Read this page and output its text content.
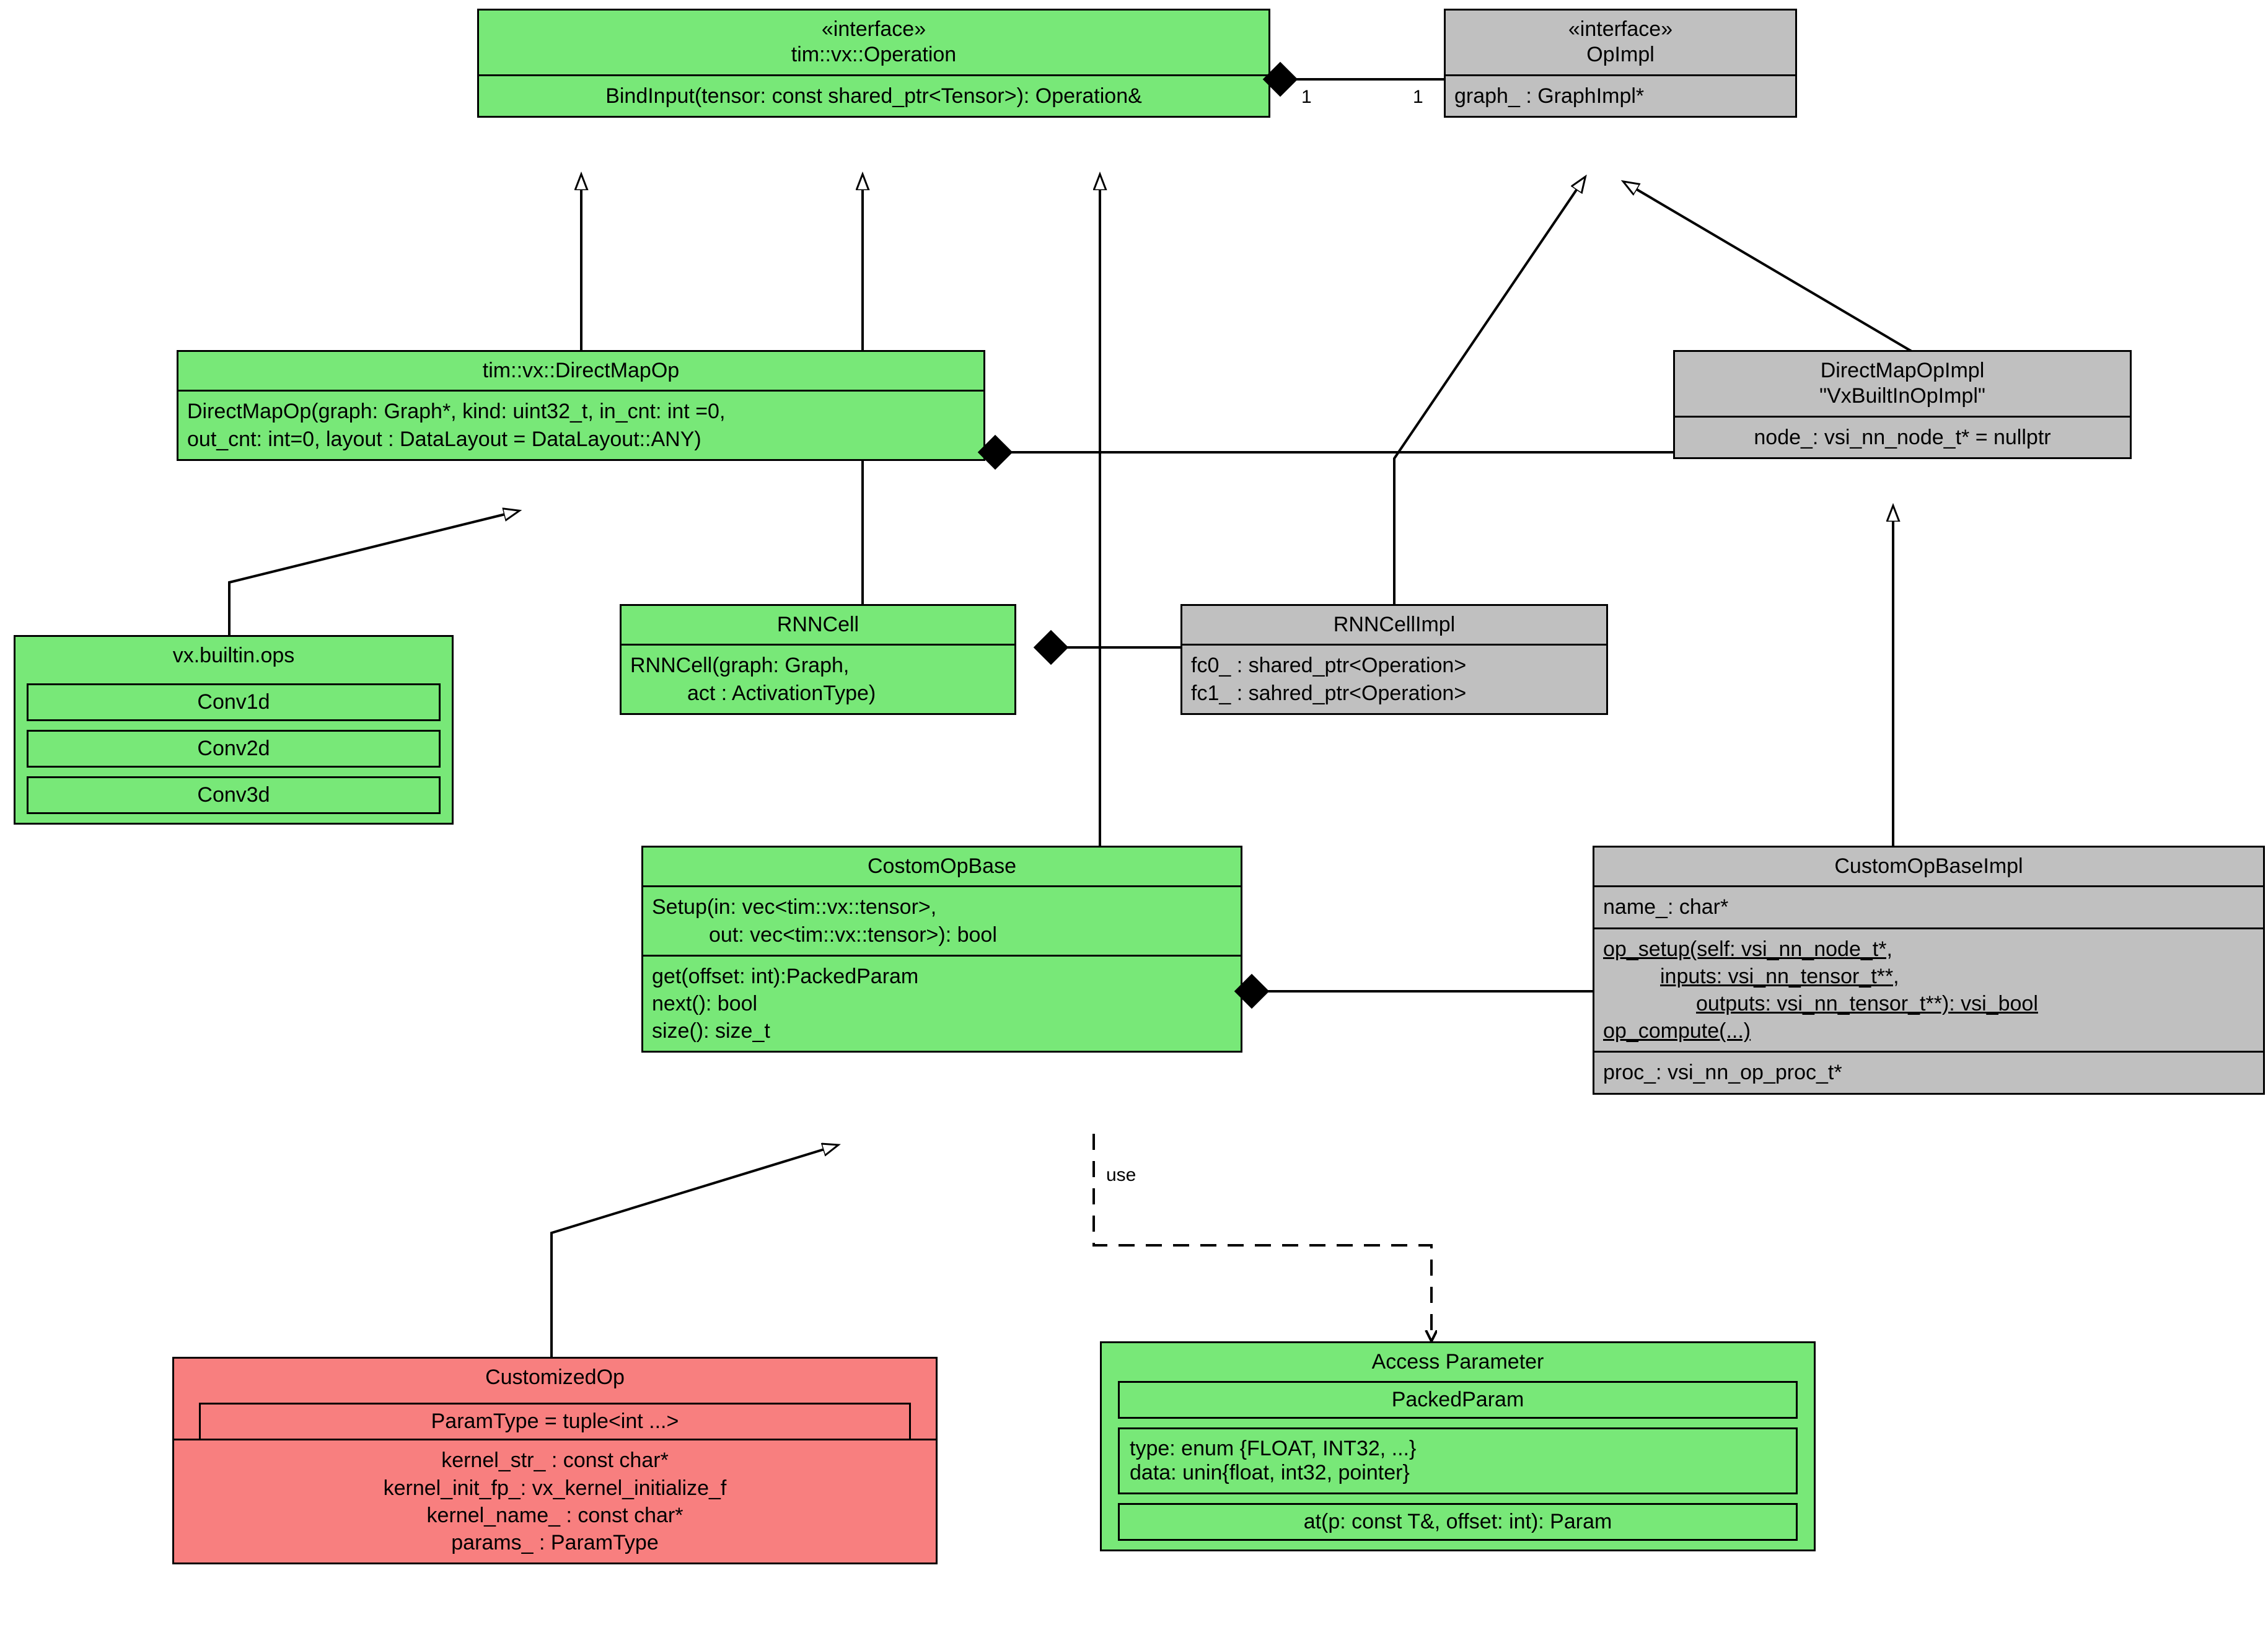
1	1
use
«interface»
tim::vx::Operation
BindInput(tensor: const shared_ptr<Tensor>): Operation&
«interface»
OpImpl
graph_ : GraphImpl*
tim::vx::DirectMapOp
DirectMapOp(graph: Graph*, kind: uint32_t, in_cnt: int =0,
out_cnt: int=0, layout : DataLayout = DataLayout::ANY)
DirectMapOpImpl
"VxBuiltInOpImpl"
node_: vsi_nn_node_t* = nullptr
vx.builtin.ops
Conv1d
Conv2d
Conv3d
RNNCell
RNNCell(graph: Graph,
act : ActivationType)
RNNCellImpl
fc0_ : shared_ptr<Operation>
fc1_ : sahred_ptr<Operation>
CostomOpBase
Setup(in: vec<tim::vx::tensor>,
out: vec<tim::vx::tensor>): bool
get(offset: int):PackedParam
next(): bool
size(): size_t
CustomOpBaseImpl
name_: char*
op_setup(self: vsi_nn_node_t*,
inputs: vsi_nn_tensor_t**,
outputs: vsi_nn_tensor_t**): vsi_bool
op_compute(...)
proc_: vsi_nn_op_proc_t*
CustomizedOp
ParamType = tuple<int ...>
kernel_str_ : const char*
kernel_init_fp_: vx_kernel_initialize_f
kernel_name_ : const char*
params_ : ParamType
Access Parameter
PackedParam
type: enum {FLOAT, INT32, ...}
data: unin{float, int32, pointer}
at(p: const T&, offset: int): Param
